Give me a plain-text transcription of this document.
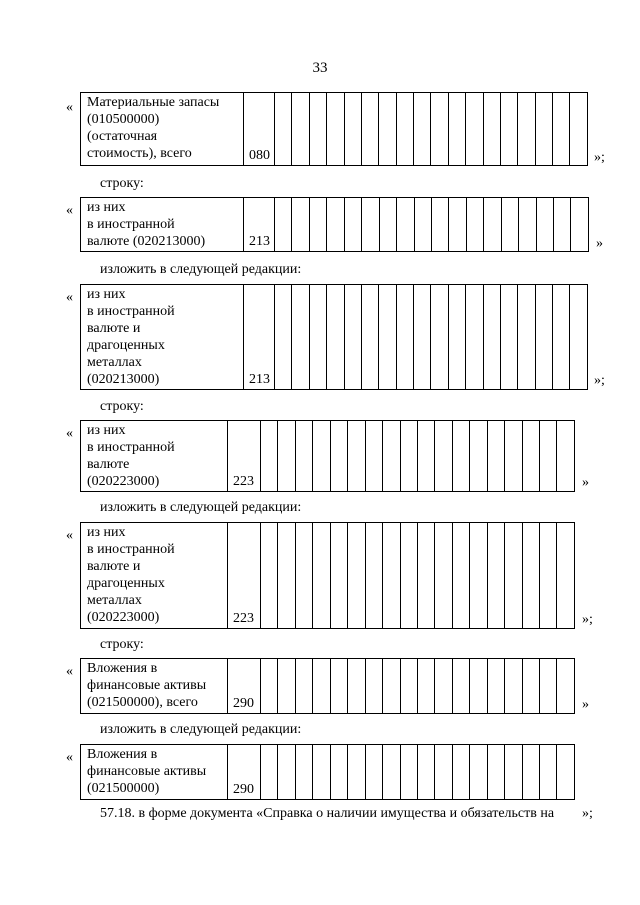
33
« Материальные запасы
(010500000)
(остаточная
стоимость), всего	080																			»;
строку:
« из них
в иностранной
валюте (020213000)	213																			»
изложить в следующей редакции:
« из них
в иностранной
валюте и
драгоценных
металлах
(020213000)	213																			»;
строку:
« из них
в иностранной
валюте
(020223000)	223																			»
изложить в следующей редакции:
« из них
в иностранной
валюте и
драгоценных
металлах
(020223000)	223																			»;
строку:
« Вложения в
финансовые активы
(021500000), всего	290																			»
изложить в следующей редакции:
« Вложения в
финансовые активы
(021500000)	290																		
»;
57.18. в форме документа «Справка о наличии имущества и обязательств на
